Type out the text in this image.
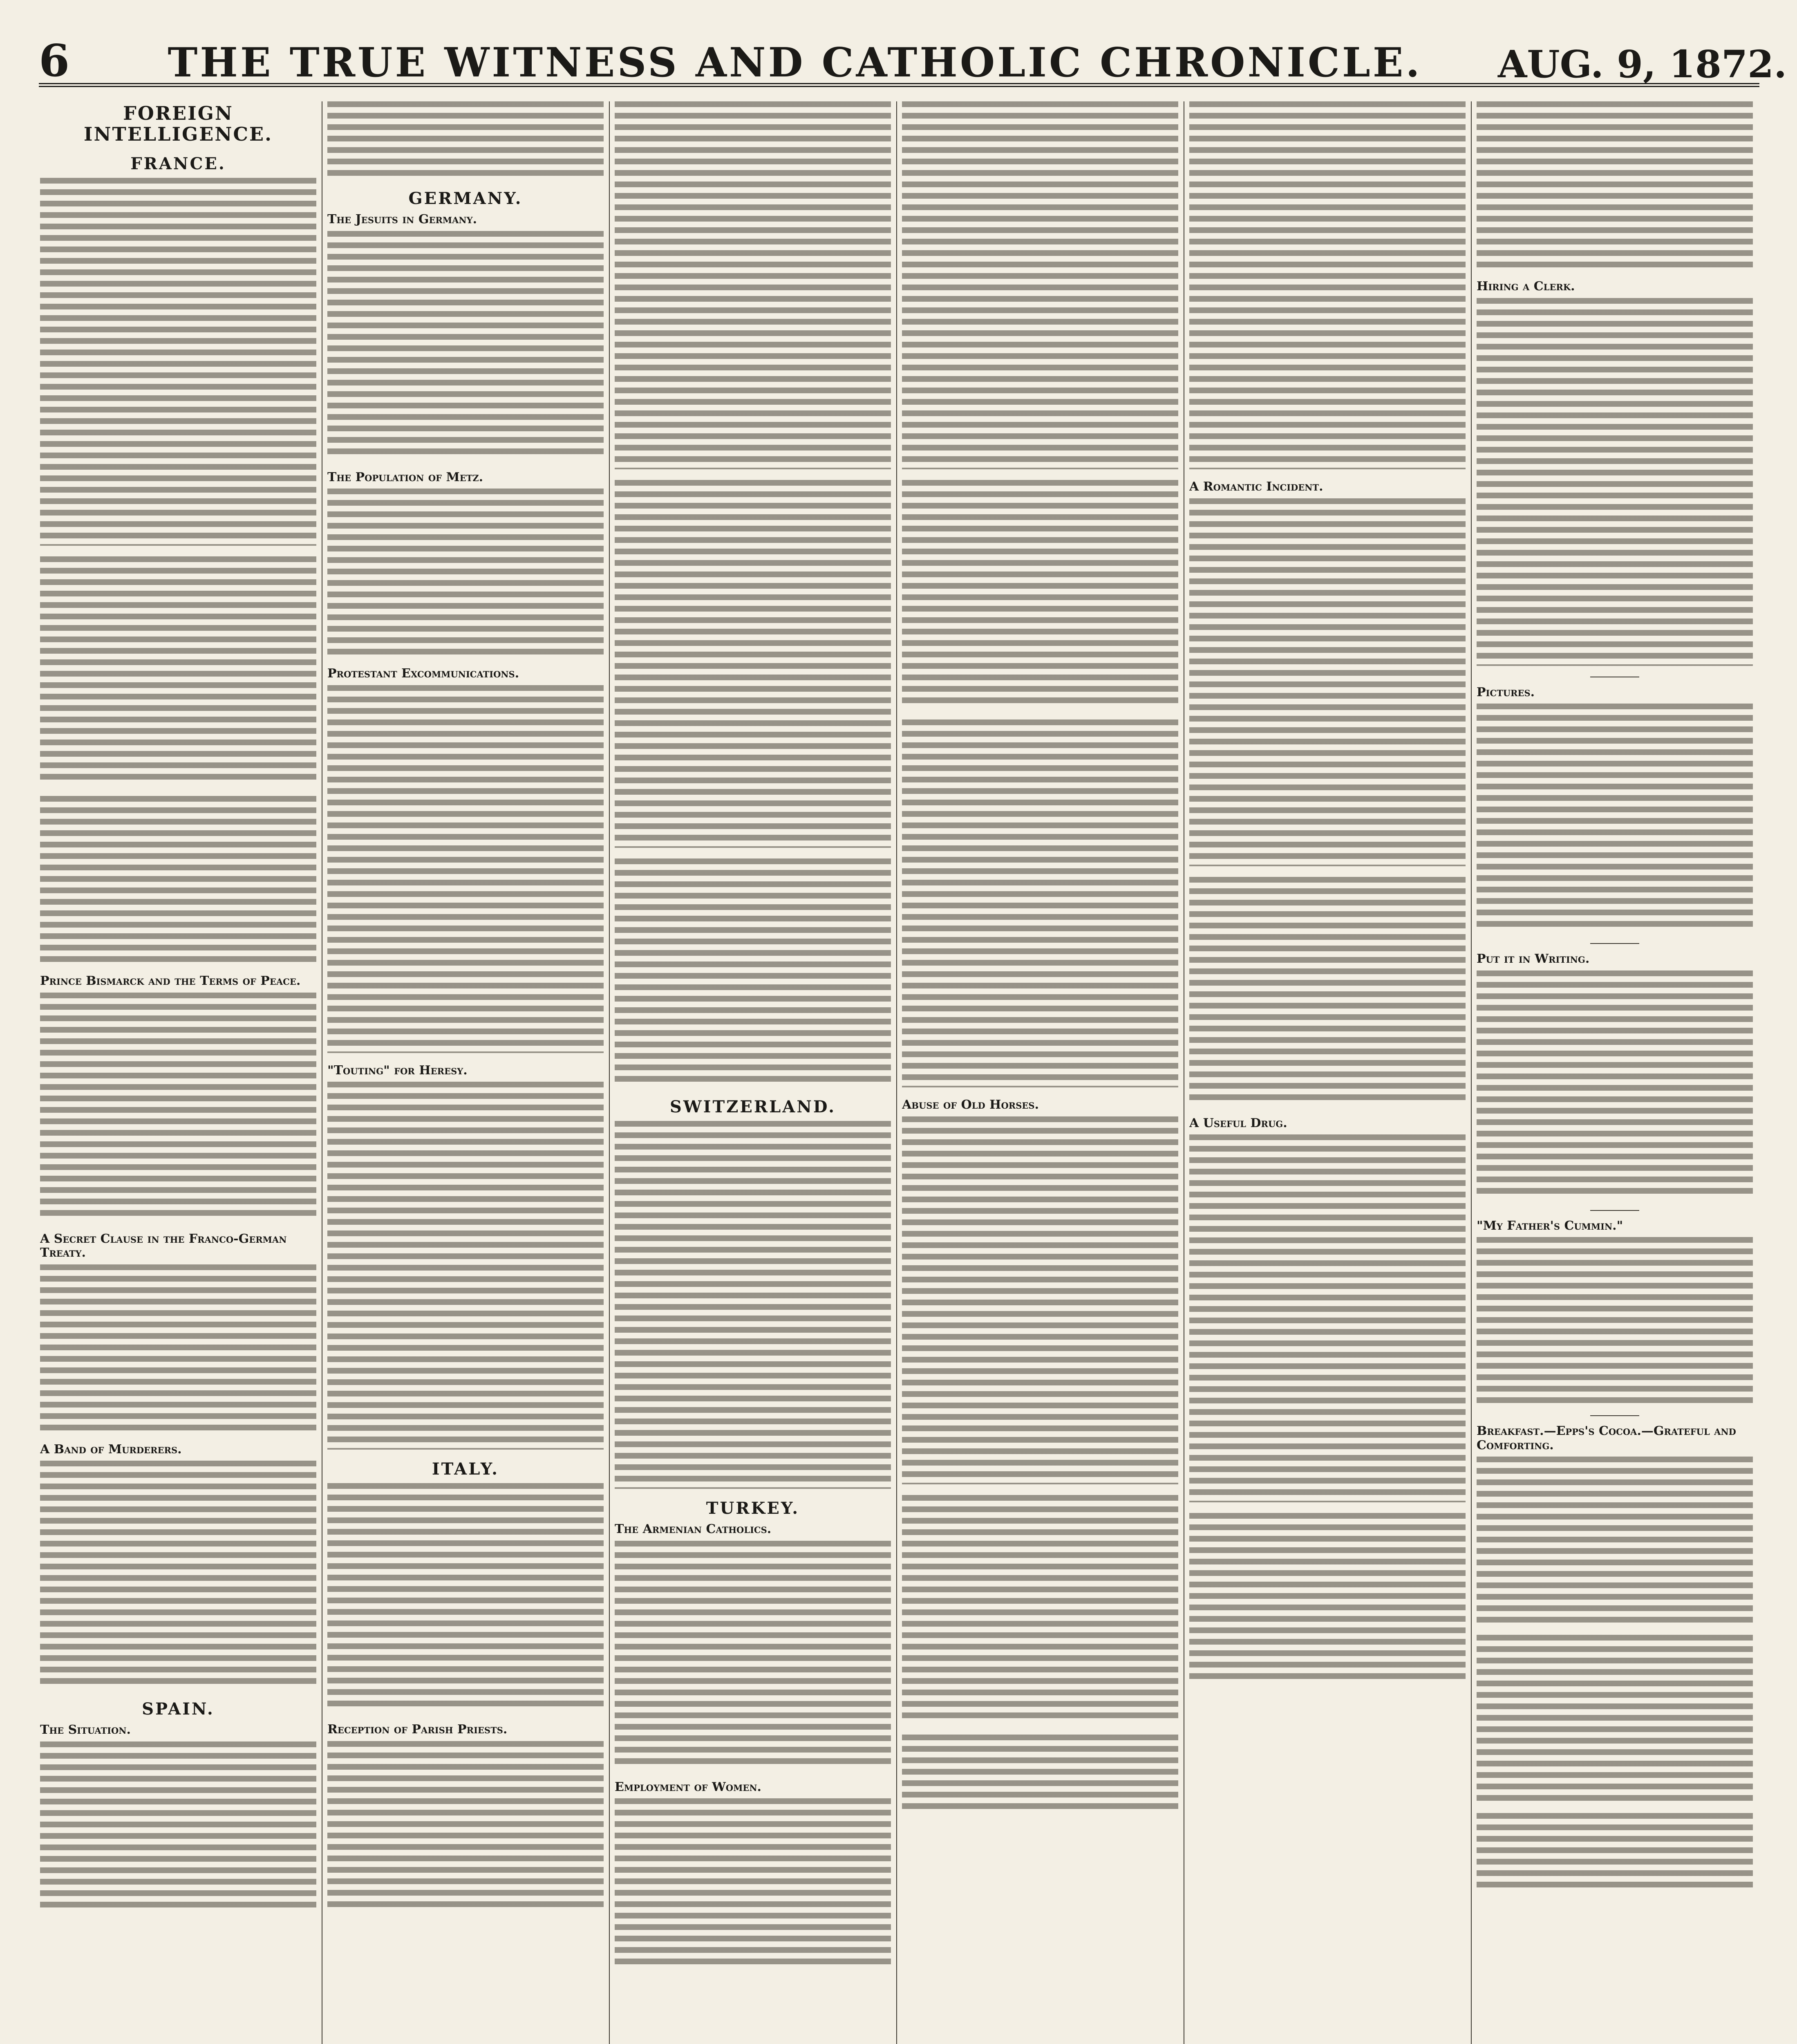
6	THE TRUE WITNESS AND CATHOLIC CHRONICLE.	AUG. 9, 1872.
FOREIGN INTELLIGENCE.
FRANCE.
Prince Bismarck and the Terms of Peace.
A Secret Clause in the Franco-German Treaty.
A Band of Murderers.
SPAIN.
The Situation.
GERMANY.
The Jesuits in Germany.
The Population of Metz.
Protestant Excommunications.
"Touting" for Heresy.
ITALY.
Reception of Parish Priests.
SWITZERLAND.
TURKEY.
The Armenian Catholics.
Employment of Women.
Abuse of Old Horses.
A Romantic Incident.
A Useful Drug.
Hiring a Clerk.
Pictures.
Put it in Writing.
"My Father's Cummin."
Breakfast.—Epps's Cocoa.—Grateful and Comforting.
